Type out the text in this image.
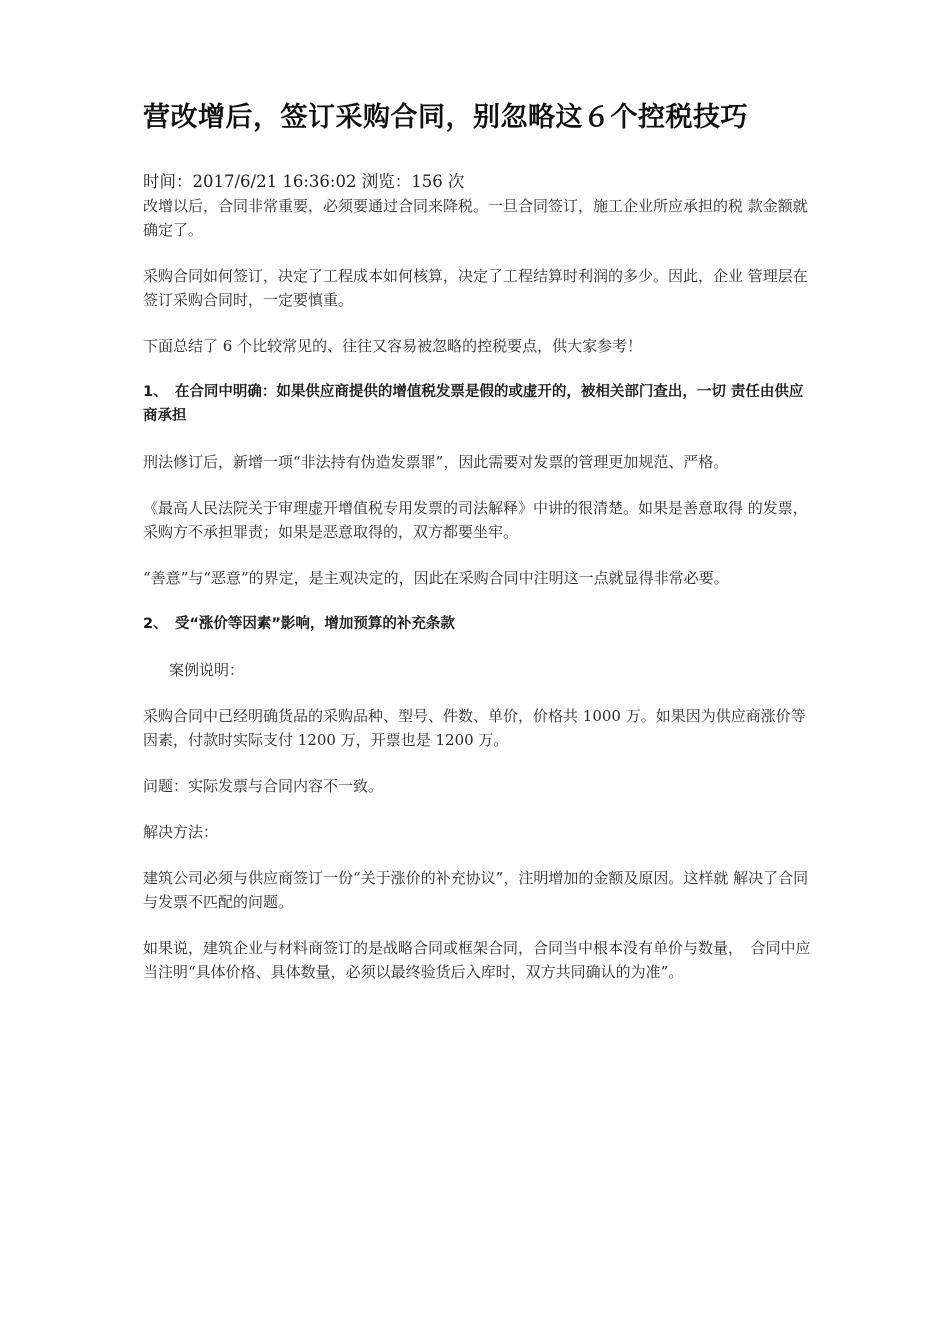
营改增后，签订采购合同，别忽略这６个控税技巧
时间：2017/6/21 16:36:02 浏览：156 次

改增以后，合同非常重要，必须要通过合同来降税。一旦合同签订，施工企业所应承担的税 款金额就确定了。

采购合同如何签订，决定了工程成本如何核算，决定了工程结算时利润的多少。因此，企业 管理层在签订采购合同时，一定要慎重。

下面总结了 6 个比较常见的、往往又容易被忽略的控税要点，供大家参考！

1、　在合同中明确：如果供应商提供的增值税发票是假的或虚开的，被相关部门查出，一切 责任由供应商承担

刑法修订后，新增一项“非法持有伪造发票罪”，因此需要对发票的管理更加规范、严格。

《最高人民法院关于审理虚开增值税专用发票的司法解释》中讲的很清楚。如果是善意取得 的发票，采购方不承担罪责；如果是恶意取得的，双方都要坐牢。

“善意”与“恶意”的界定，是主观决定的，因此在采购合同中注明这一点就显得非常必要。

2、　受“涨价等因素”影响，增加预算的补充条款

案例说明：

采购合同中已经明确货品的采购品种、型号、件数、单价，价格共 1000 万。如果因为供应商涨价等因素，付款时实际支付 1200 万，开票也是 1200 万。

问题：实际发票与合同内容不一致。

解决方法：

建筑公司必须与供应商签订一份“关于涨价的补充协议”，注明增加的金额及原因。这样就 解决了合同与发票不匹配的问题。

如果说，建筑企业与材料商签订的是战略合同或框架合同，合同当中根本没有单价与数量，　合同中应当注明“具体价格、具体数量，必须以最终验货后入库时，双方共同确认的为准”。
